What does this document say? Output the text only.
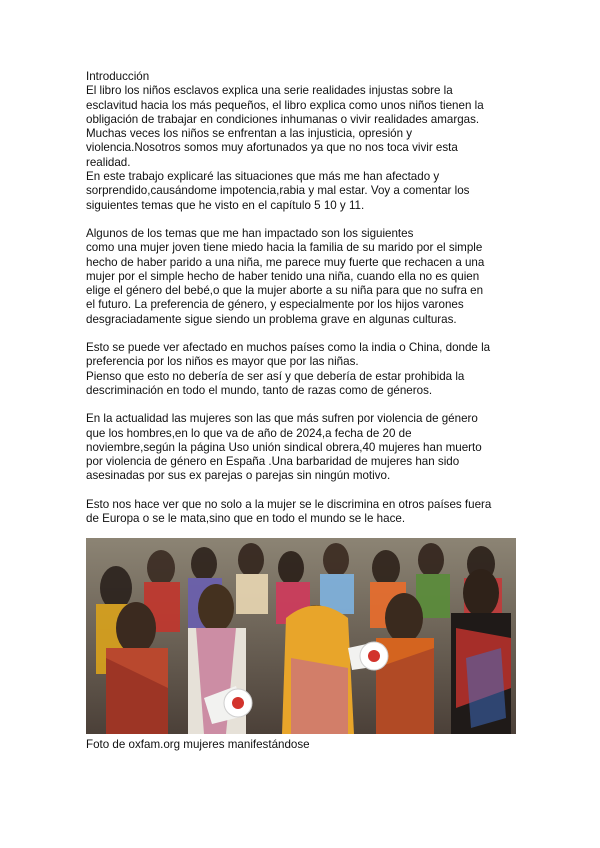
Introducción
El libro los niños esclavos explica una serie realidades injustas sobre la
esclavitud hacia los más pequeños, el libro explica como unos niños tienen la
obligación de trabajar en condiciones inhumanas o vivir realidades amargas.
Muchas veces los niños se enfrentan a las injusticia, opresión y
violencia.Nosotros somos muy afortunados ya que no nos toca vivir esta
realidad.
En este trabajo explicaré las situaciones que más me han afectado y
sorprendido,causándome impotencia,rabia y mal estar. Voy a comentar los
siguientes temas que he visto en el capítulo 5 10 y 11.

Algunos de los temas que me han impactado son los siguientes
como una mujer joven tiene miedo hacia la familia de su marido por el simple
hecho de haber parido a una niña, me parece muy fuerte que rechacen a una
mujer por el simple hecho de haber tenido una niña, cuando ella no es quien
elige el género del bebé,o que la mujer aborte a su niña para que no sufra en
el futuro. La preferencia de género, y especialmente por los hijos varones
desgraciadamente sigue siendo un problema grave en algunas culturas.

Esto se puede ver afectado en muchos países como la india o China, donde la
preferencia por los niños es mayor que por las niñas.
Pienso que esto no debería de ser así y que debería de estar prohibida la
descriminación en todo el mundo, tanto de razas como de géneros.

En la actualidad las mujeres son las que más sufren por violencia de género
que los hombres,en lo que va de año de 2024,a fecha de 20 de
noviembre,según la página Uso unión sindical obrera,40 mujeres han muerto
por violencia de género en España .Una barbaridad de mujeres han sido
asesinadas por sus ex parejas o parejas sin ningún motivo.

Esto nos hace ver que no solo a la mujer se le discrimina en otros países fuera
de Europa o se le mata,sino que en todo el mundo se le hace.

Foto de oxfam.org mujeres manifestándose
